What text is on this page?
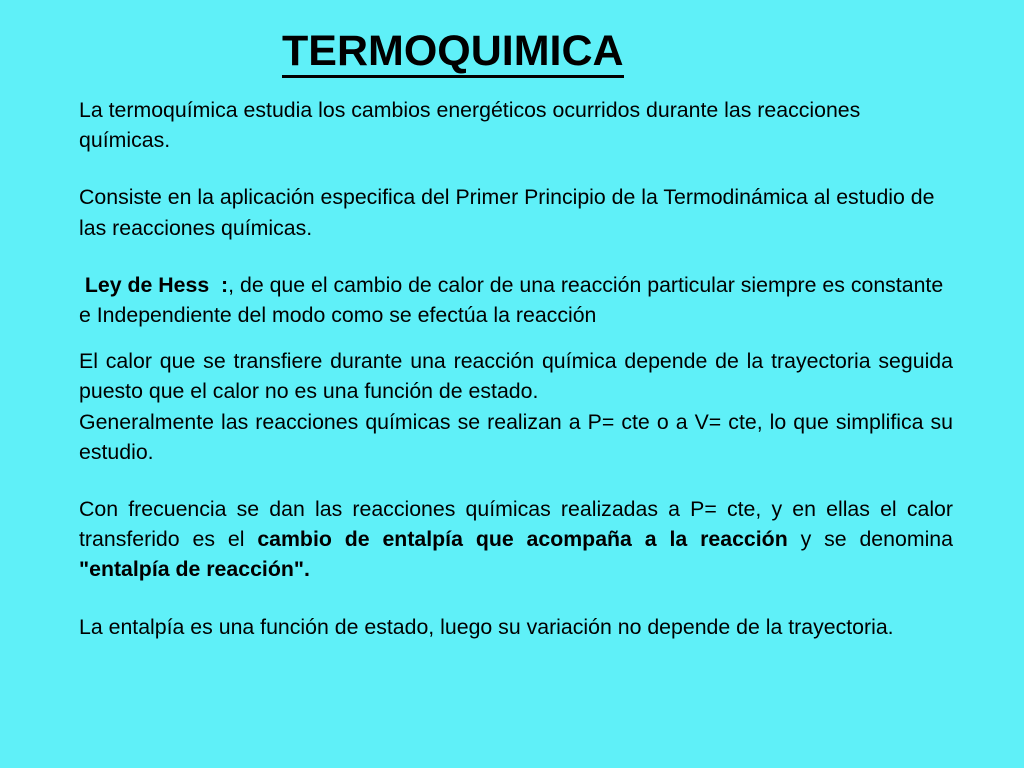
TERMOQUIMICA

La termoquímica estudia los cambios energéticos ocurridos durante las reacciones químicas.

Consiste en la aplicación especifica del Primer Principio de la Termodinámica al estudio de las reacciones químicas.

Ley de Hess  :, de que el cambio de calor de una reacción particular siempre es constante e Independiente del modo como se efectúa la reacción

El calor que se transfiere durante una reacción química depende de la trayectoria seguida puesto que el calor no es una función de estado.

Generalmente las reacciones químicas se realizan a P= cte o a V= cte, lo que simplifica su estudio.

Con frecuencia se dan las reacciones químicas realizadas a P= cte, y en ellas el calor transferido es el cambio de entalpía que acompaña a la reacción y se denomina "entalpía de reacción".

La entalpía es una función de estado, luego su variación no depende de la trayectoria.
